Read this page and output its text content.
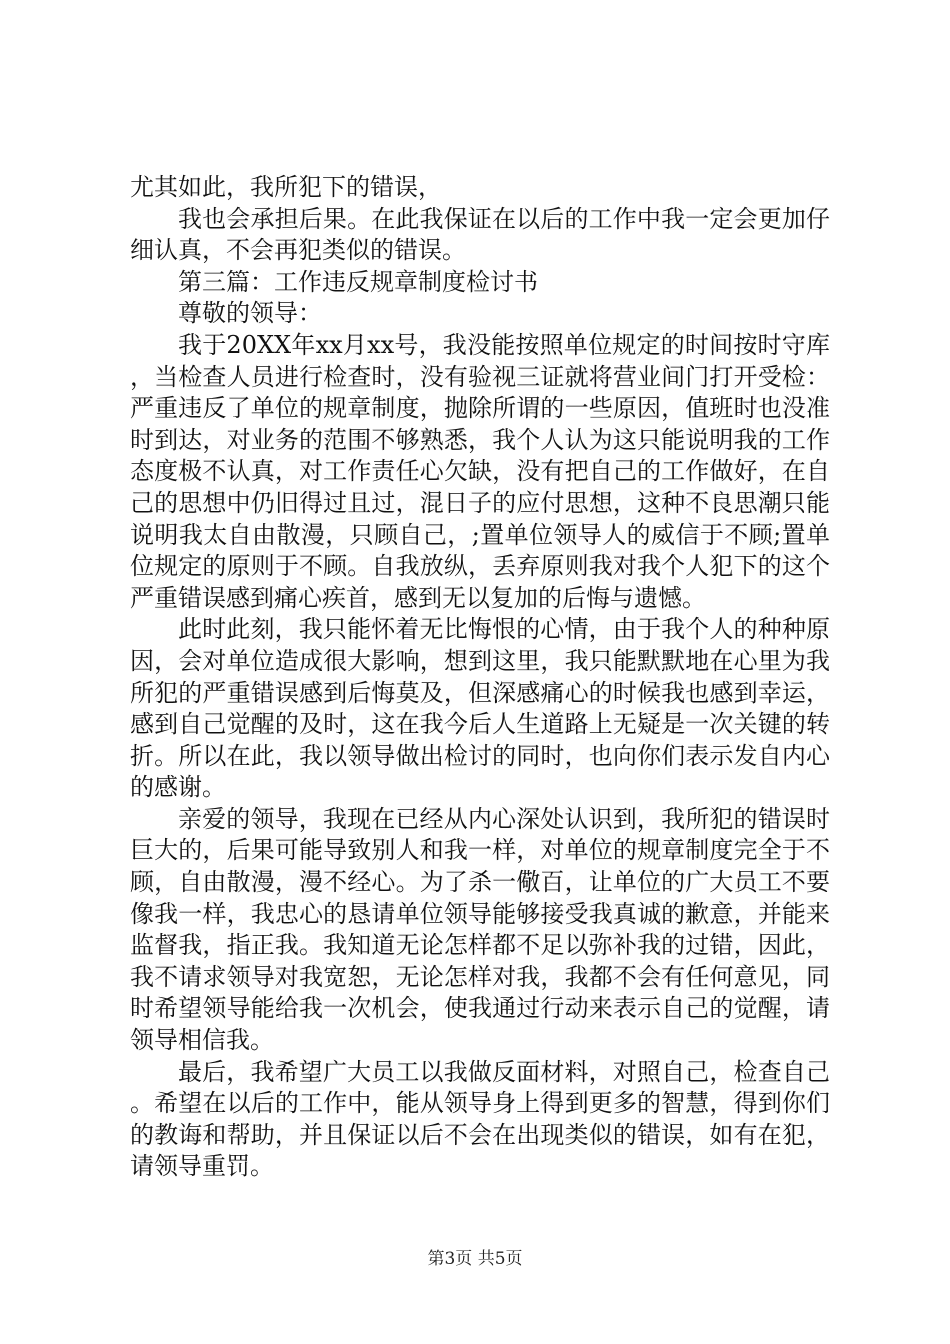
尤其如此，我所犯下的错误，

我也会承担后果。在此我保证在以后的工作中我一定会更加仔细认真，不会再犯类似的错误。

第三篇：工作违反规章制度检讨书

尊敬的领导：

我于20XX年xx月xx号，我没能按照单位规定的时间按时守库，当检查人员进行检查时，没有验视三证就将营业间门打开受检：严重违反了单位的规章制度，抛除所谓的一些原因，值班时也没准时到达，对业务的范围不够熟悉，我个人认为这只能说明我的工作态度极不认真，对工作责任心欠缺，没有把自己的工作做好，在自己的思想中仍旧得过且过，混日子的应付思想，这种不良思潮只能说明我太自由散漫，只顾自己，;置单位领导人的威信于不顾;置单位规定的原则于不顾。自我放纵，丢弃原则我对我个人犯下的这个严重错误感到痛心疾首，感到无以复加的后悔与遗憾。

此时此刻，我只能怀着无比悔恨的心情，由于我个人的种种原因，会对单位造成很大影响，想到这里，我只能默默地在心里为我所犯的严重错误感到后悔莫及，但深感痛心的时候我也感到幸运，感到自己觉醒的及时，这在我今后人生道路上无疑是一次关键的转折。所以在此，我以领导做出检讨的同时，也向你们表示发自内心的感谢。

亲爱的领导，我现在已经从内心深处认识到，我所犯的错误时巨大的，后果可能导致别人和我一样，对单位的规章制度完全于不顾，自由散漫，漫不经心。为了杀一儆百，让单位的广大员工不要像我一样，我忠心的恳请单位领导能够接受我真诚的歉意，并能来监督我，指正我。我知道无论怎样都不足以弥补我的过错，因此，我不请求领导对我宽恕，无论怎样对我，我都不会有任何意见，同时希望领导能给我一次机会，使我通过行动来表示自己的觉醒，请领导相信我。

最后，我希望广大员工以我做反面材料，对照自己，检查自己。希望在以后的工作中，能从领导身上得到更多的智慧，得到你们的教诲和帮助，并且保证以后不会在出现类似的错误，如有在犯，请领导重罚。

第3页 共5页
